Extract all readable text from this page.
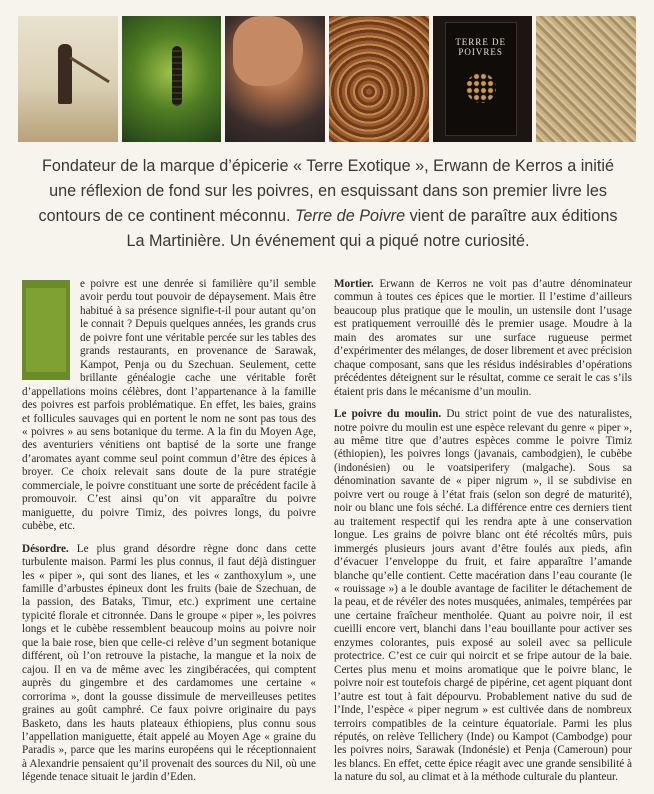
TERRE DE
POIVRES
Fondateur de la marque d’épicerie « Terre Exotique », Erwann de Kerros a initié une réflexion de fond sur les poivres, en esquissant dans son premier livre les contours de ce continent méconnu. Terre de Poivre vient de paraître aux éditions La Martinière. Un événement qui a piqué notre curiosité.

e poivre est une denrée si familière qu’il semble avoir perdu tout pouvoir de dépaysement. Mais être habitué à sa présence signifie-t-il pour autant qu’on le connait ? Depuis quelques années, les grands crus de poivre font une véritable percée sur les tables des grands restaurants, en provenance de Sarawak, Kampot, Penja ou du Szechuan. Seulement, cette brillante généalogie cache une véritable forêt d’appellations moins célèbres, dont l’appartenance à la famille des poivres est parfois problématique. En effet, les baies, grains et follicules sauvages qui en portent le nom ne sont pas tous des « poivres » au sens botanique du terme. A la fin du Moyen Age, des aventuriers vénitiens ont baptisé de la sorte une frange d’aromates ayant comme seul point commun d’être des épices à broyer. Ce choix relevait sans doute de la pure stratégie commerciale, le poivre constituant une sorte de précédent facile à promouvoir. C’est ainsi qu’on vit apparaître du poivre maniguette, du poivre Timiz, des poivres longs, du poivre cubèbe, etc.

Désordre. Le plus grand désordre règne donc dans cette turbulente maison. Parmi les plus connus, il faut déjà distinguer les « piper », qui sont des lianes, et les « zanthoxylum », une famille d’arbustes épineux dont les fruits (baie de Szechuan, de la passion, des Bataks, Timur, etc.) expriment une certaine typicité florale et citronnée. Dans le groupe « piper », les poivres longs et le cubèbe ressemblent beaucoup moins au poivre noir que la baie rose, bien que celle-ci relève d’un segment botanique différent, où l’on retrouve la pistache, la mangue et la noix de cajou. Il en va de même avec les zingibéracées, qui comptent auprès du gingembre et des cardamomes une certaine « corrorima », dont la gousse dissimule de merveilleuses petites graines au goût camphré. Ce faux poivre originaire du pays Basketo, dans les hauts plateaux éthiopiens, plus connu sous l’appellation maniguette, était appelé au Moyen Age « graine du Paradis », parce que les marins européens qui le réceptionnaient à Alexandrie pensaient qu’il provenait des sources du Nil, où une légende tenace situait le jardin d’Eden.

Mortier. Erwann de Kerros ne voit pas d’autre dénominateur commun à toutes ces épices que le mortier. Il l’estime d’ailleurs beaucoup plus pratique que le moulin, un ustensile dont l’usage est pratiquement verrouillé dès le premier usage. Moudre à la main des aromates sur une surface rugueuse permet d’expérimenter des mélanges, de doser librement et avec précision chaque composant, sans que les résidus indésirables d’opérations précédentes déteignent sur le résultat, comme ce serait le cas s’ils étaient pris dans le mécanisme d’un moulin.

Le poivre du moulin. Du strict point de vue des naturalistes, notre poivre du moulin est une espèce relevant du genre « piper », au même titre que d’autres espèces comme le poivre Timiz (éthiopien), les poivres longs (javanais, cambodgien), le cubèbe (indonésien) ou le voatsiperifery (malgache). Sous sa dénomination savante de « piper nigrum », il se subdivise en poivre vert ou rouge à l’état frais (selon son degré de maturité), noir ou blanc une fois séché. La différence entre ces derniers tient au traitement respectif qui les rendra apte à une conservation longue. Les grains de poivre blanc ont été récoltés mûrs, puis immergés plusieurs jours avant d’être foulés aux pieds, afin d’évacuer l’enveloppe du fruit, et faire apparaître l’amande blanche qu’elle contient. Cette macération dans l’eau courante (le « rouissage ») a le double avantage de faciliter le détachement de la peau, et de révéler des notes musquées, animales, tempérées par une certaine fraîcheur mentholée. Quant au poivre noir, il est cueilli encore vert, blanchi dans l’eau bouillante pour activer ses enzymes colorantes, puis exposé au soleil avec sa pellicule protectrice. C’est ce cuir qui noircit et se fripe autour de la baie. Certes plus menu et moins aromatique que le poivre blanc, le poivre noir est toutefois chargé de pipérine, cet agent piquant dont l’autre est tout à fait dépourvu. Probablement native du sud de l’Inde, l’espèce « piper negrum » est cultivée dans de nombreux terroirs compatibles de la ceinture équatoriale. Parmi les plus réputés, on relève Tellichery (Inde) ou Kampot (Cambodge) pour les poivres noirs, Sarawak (Indonésie) et Penja (Cameroun) pour les blancs. En effet, cette épice réagit avec une grande sensibilité à la nature du sol, au climat et à la méthode culturale du planteur.
